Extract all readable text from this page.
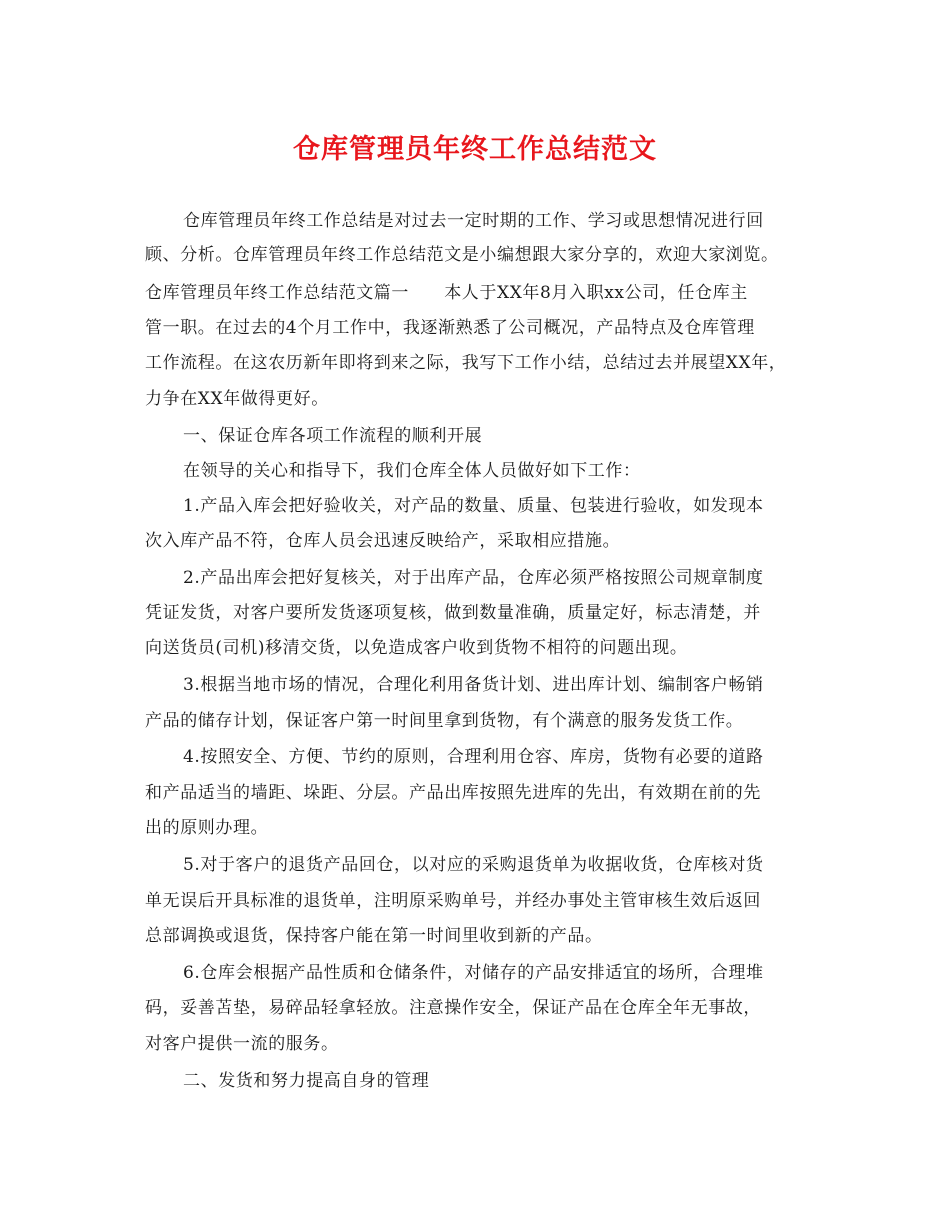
仓库管理员年终工作总结范文

仓库管理员年终工作总结是对过去一定时期的工作、学习或思想情况进行回

顾、分析。仓库管理员年终工作总结范文是小编想跟大家分享的，欢迎大家浏览。

仓库管理员年终工作总结范文篇一　　本人于XX年8月入职xx公司，任仓库主

管一职。在过去的4个月工作中，我逐渐熟悉了公司概况，产品特点及仓库管理

工作流程。在这农历新年即将到来之际，我写下工作小结，总结过去并展望XX年，

力争在XX年做得更好。

一、保证仓库各项工作流程的顺利开展

在领导的关心和指导下，我们仓库全体人员做好如下工作：

1.产品入库会把好验收关，对产品的数量、质量、包装进行验收，如发现本

次入库产品不符，仓库人员会迅速反映给产，采取相应措施。

2.产品出库会把好复核关，对于出库产品，仓库必须严格按照公司规章制度

凭证发货，对客户要所发货逐项复核，做到数量准确，质量定好，标志清楚，并

向送货员(司机)移清交货，以免造成客户收到货物不相符的问题出现。

3.根据当地市场的情况，合理化利用备货计划、进出库计划、编制客户畅销

产品的储存计划，保证客户第一时间里拿到货物，有个满意的服务发货工作。

4.按照安全、方便、节约的原则，合理利用仓容、库房，货物有必要的道路

和产品适当的墙距、垛距、分层。产品出库按照先进库的先出，有效期在前的先

出的原则办理。

5.对于客户的退货产品回仓，以对应的采购退货单为收据收货，仓库核对货

单无误后开具标准的退货单，注明原采购单号，并经办事处主管审核生效后返回

总部调换或退货，保持客户能在第一时间里收到新的产品。

6.仓库会根据产品性质和仓储条件，对储存的产品安排适宜的场所，合理堆

码，妥善苫垫，易碎品轻拿轻放。注意操作安全，保证产品在仓库全年无事故，

对客户提供一流的服务。

二、发货和努力提高自身的管理
